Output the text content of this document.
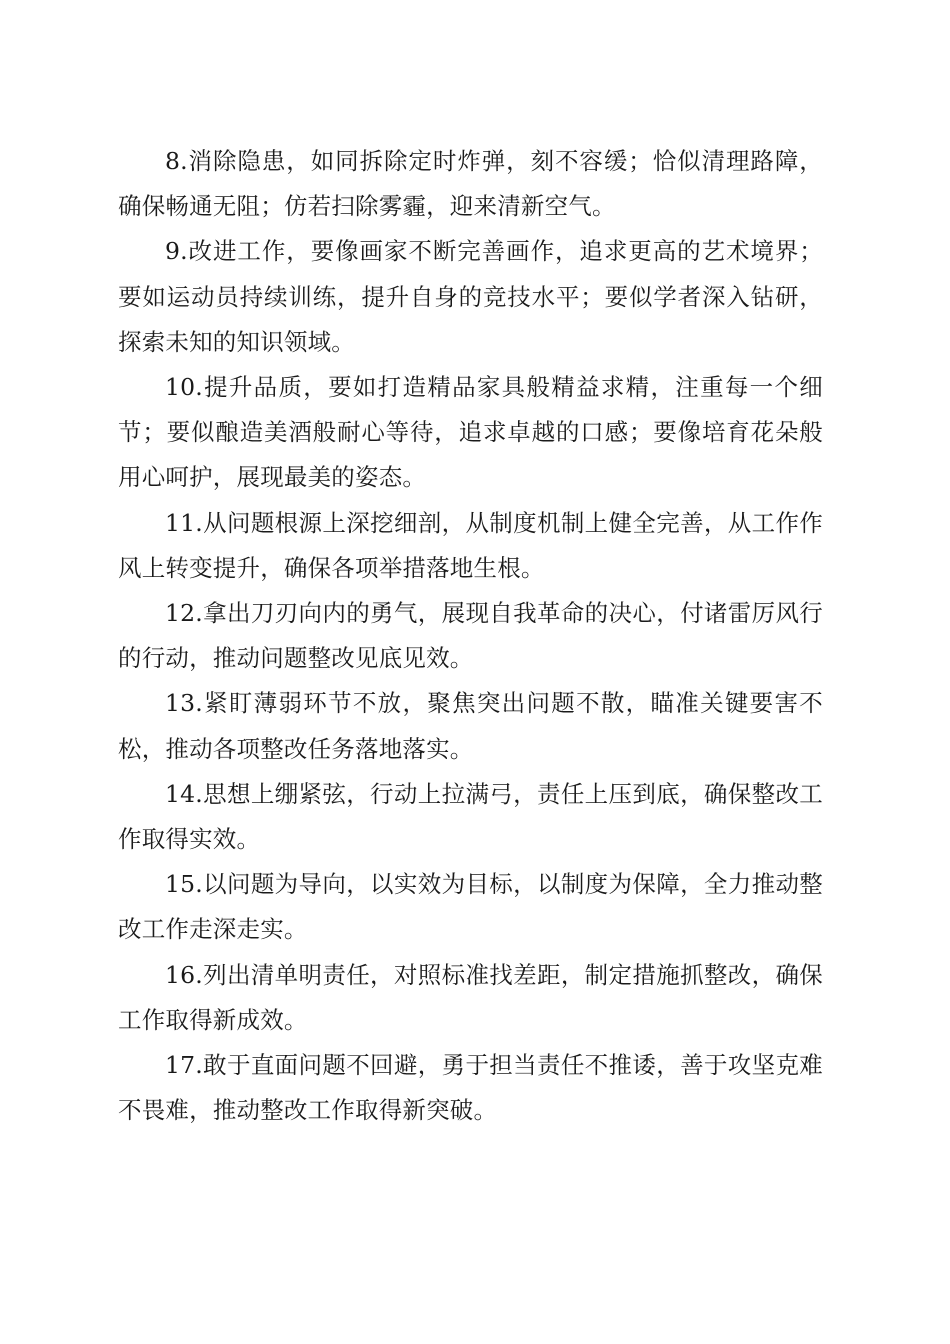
8.消除隐患，如同拆除定时炸弹，刻不容缓；恰似清理路障，确保畅通无阻；仿若扫除雾霾，迎来清新空气。

9.改进工作，要像画家不断完善画作，追求更高的艺术境界；要如运动员持续训练，提升自身的竞技水平；要似学者深入钻研，探索未知的知识领域。

10.提升品质，要如打造精品家具般精益求精，注重每一个细节；要似酿造美酒般耐心等待，追求卓越的口感；要像培育花朵般用心呵护，展现最美的姿态。

11.从问题根源上深挖细剖，从制度机制上健全完善，从工作作风上转变提升，确保各项举措落地生根。

12.拿出刀刃向内的勇气，展现自我革命的决心，付诸雷厉风行的行动，推动问题整改见底见效。

13.紧盯薄弱环节不放，聚焦突出问题不散，瞄准关键要害不松，推动各项整改任务落地落实。

14.思想上绷紧弦，行动上拉满弓，责任上压到底，确保整改工作取得实效。

15.以问题为导向，以实效为目标，以制度为保障，全力推动整改工作走深走实。

16.列出清单明责任，对照标准找差距，制定措施抓整改，确保工作取得新成效。

17.敢于直面问题不回避，勇于担当责任不推诿，善于攻坚克难不畏难，推动整改工作取得新突破。
